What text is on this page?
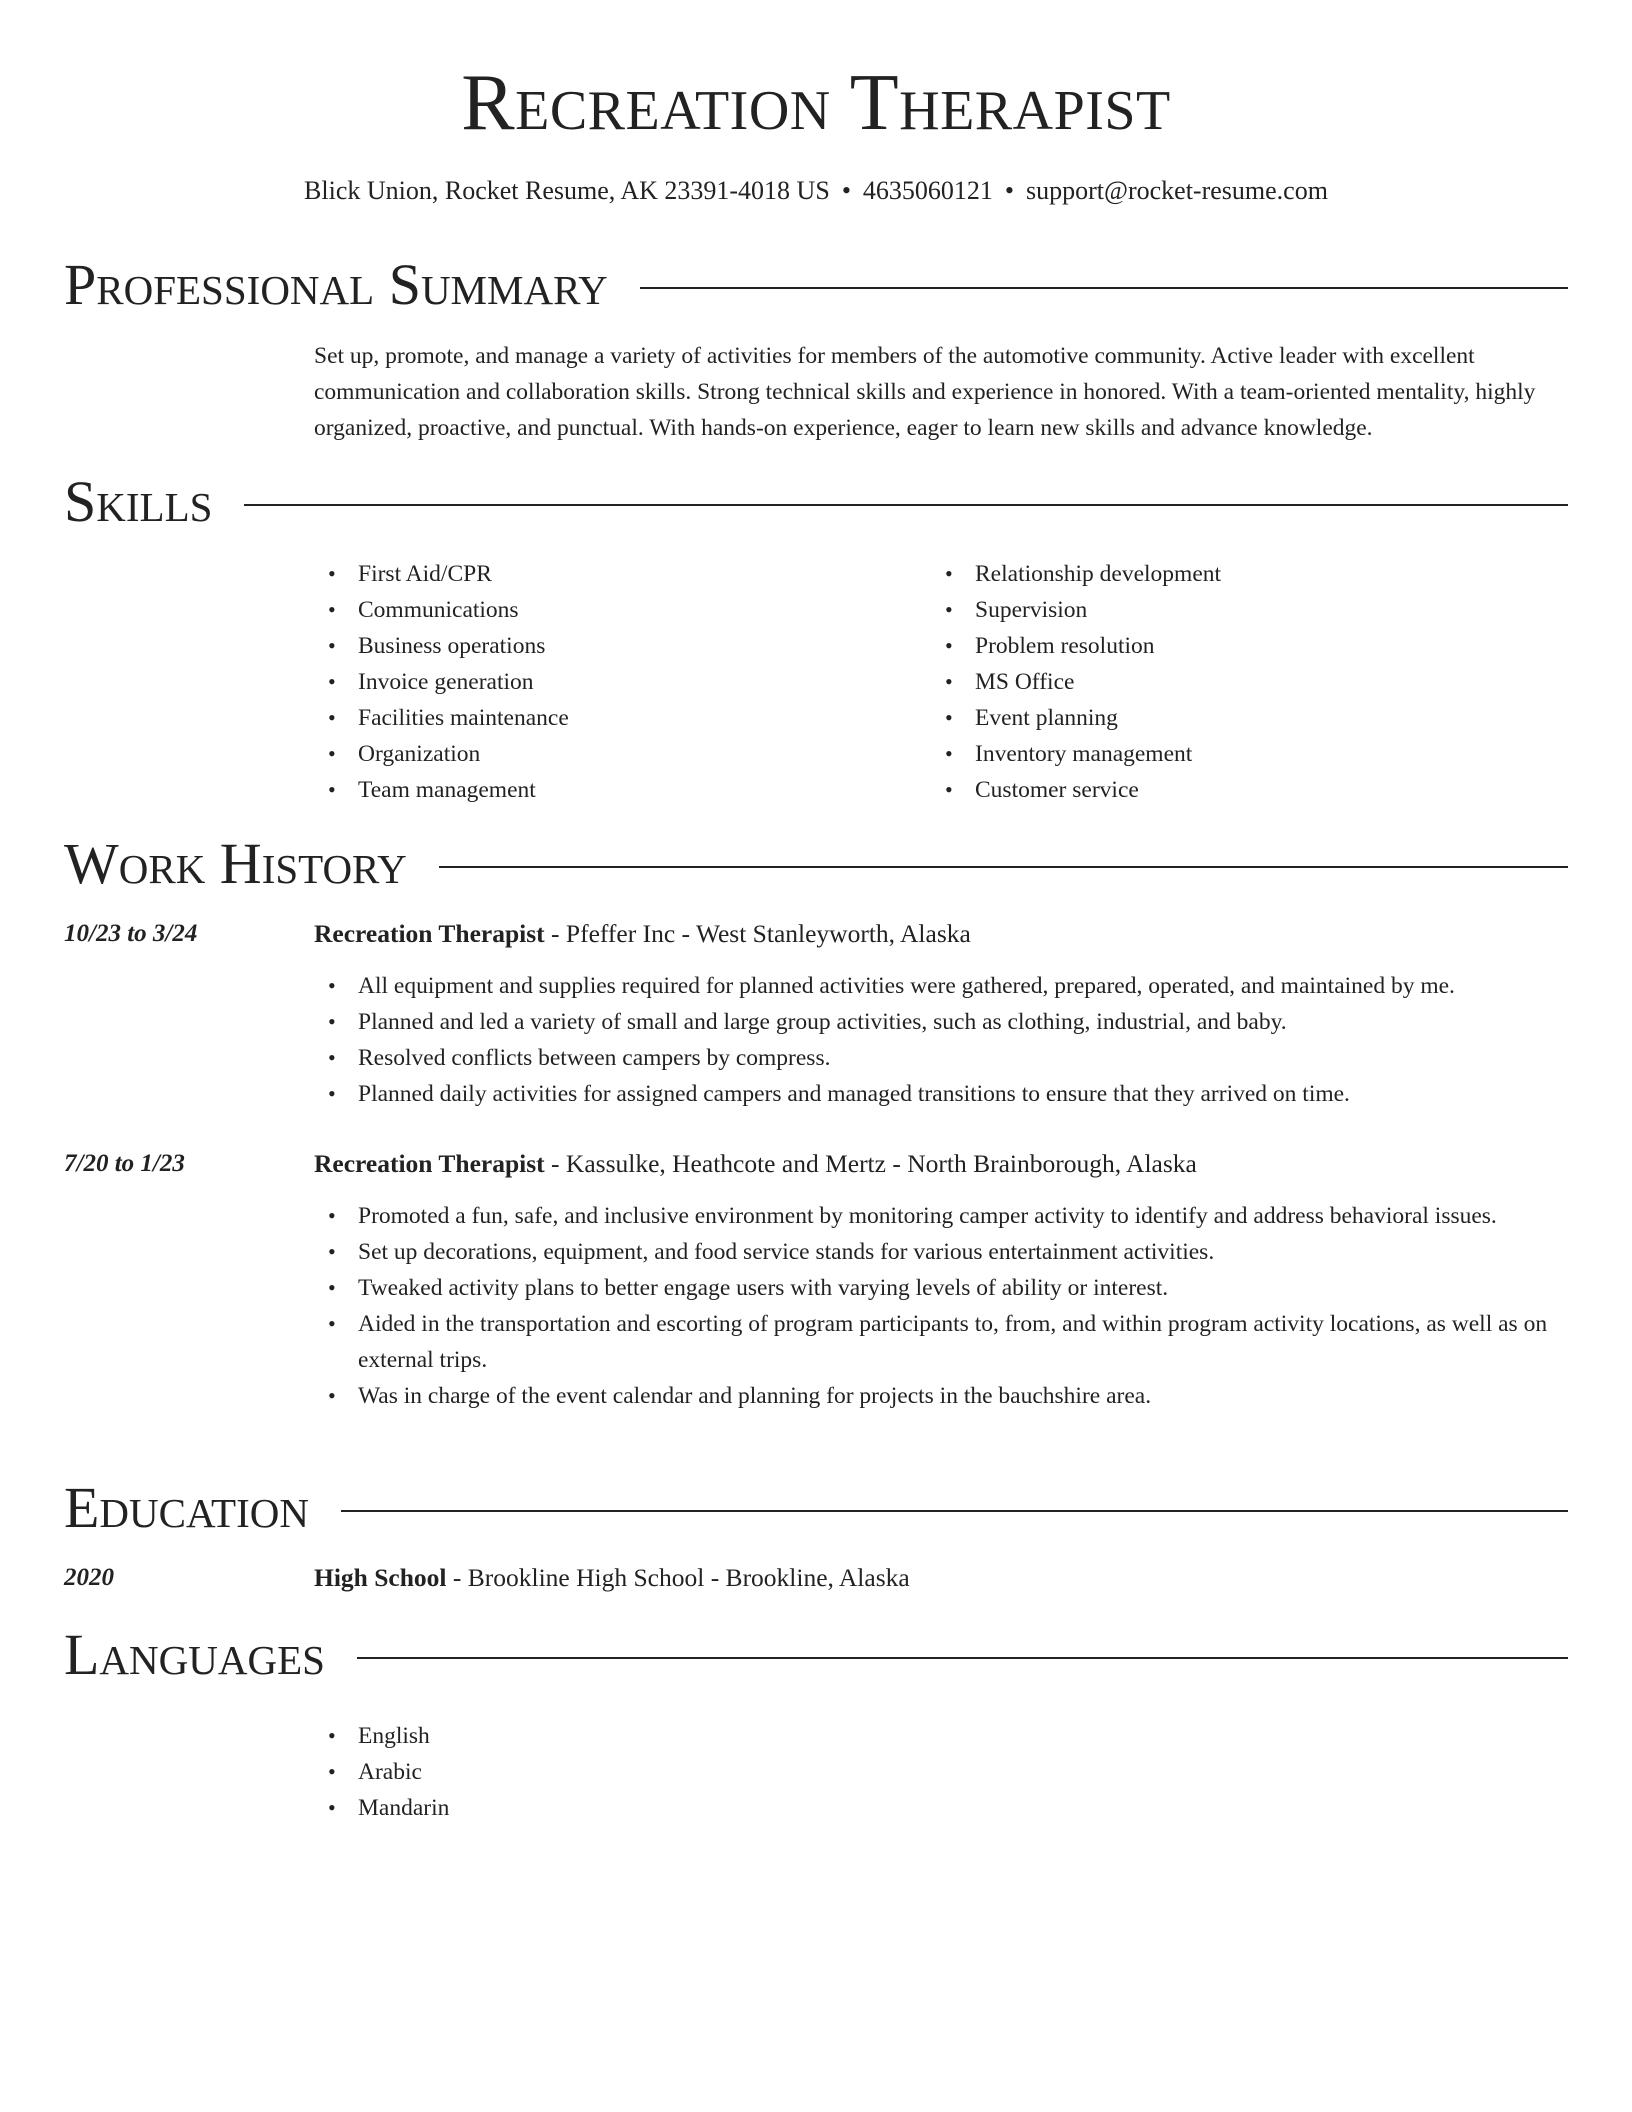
Recreation Therapist
Blick Union, Rocket Resume, AK 23391-4018 US • 4635060121 • support@rocket-resume.com
Professional Summary
Set up, promote, and manage a variety of activities for members of the automotive community. Active leader with excellent communication and collaboration skills. Strong technical skills and experience in honored. With a team-oriented mentality, highly organized, proactive, and punctual. With hands-on experience, eager to learn new skills and advance knowledge.
Skills
• First Aid/CPR
• Communications
• Business operations
• Invoice generation
• Facilities maintenance
• Organization
• Team management
• Relationship development
• Supervision
• Problem resolution
• MS Office
• Event planning
• Inventory management
• Customer service
Work History
10/23 to 3/24	Recreation Therapist - Pfeffer Inc - West Stanleyworth, Alaska
• All equipment and supplies required for planned activities were gathered, prepared, operated, and maintained by me.
• Planned and led a variety of small and large group activities, such as clothing, industrial, and baby.
• Resolved conflicts between campers by compress.
• Planned daily activities for assigned campers and managed transitions to ensure that they arrived on time.
7/20 to 1/23	Recreation Therapist - Kassulke, Heathcote and Mertz - North Brainborough, Alaska
• Promoted a fun, safe, and inclusive environment by monitoring camper activity to identify and address behavioral issues.
• Set up decorations, equipment, and food service stands for various entertainment activities.
• Tweaked activity plans to better engage users with varying levels of ability or interest.
• Aided in the transportation and escorting of program participants to, from, and within program activity locations, as well as on external trips.
• Was in charge of the event calendar and planning for projects in the bauchshire area.
Education
2020	High School - Brookline High School - Brookline, Alaska
Languages
• English
• Arabic
• Mandarin
